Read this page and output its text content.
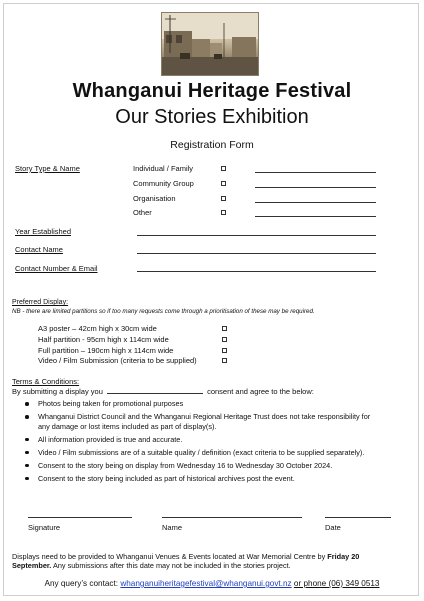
Whanganui Heritage Festival
Our Stories Exhibition
Registration Form
Story Type & Name	Individual / Family
Community Group
Organisation
Other
Year Established
Contact Name
Contact Number & Email
Preferred Display:
NB - there are limited partitions so if too many requests come through a prioritisation of these may be required.
A3 poster – 42cm high x 30cm wide
Half partition - 95cm high x 114cm wide
Full partition – 190cm high x 114cm wide
Video / Film Submission (criteria to be supplied)
Terms & Conditions:
By submitting a display you	consent and agree to the below:
Photos being taken for promotional purposes
Whanganui District Council and the Whanganui Regional Heritage Trust does not take responsibility for any damage or lost items included as part of display(s).
All information provided is true and accurate.
Video / Film submissions are of a suitable quality / definition (exact criteria to be supplied separately).
Consent to the story being on display from Wednesday 16 to Wednesday 30 October 2024.
Consent to the story being included as part of historical archives post the event.
Signature	Name	Date
Displays need to be provided to Whanganui Venues & Events located at War Memorial Centre by Friday 20 September. Any submissions after this date may not be included in the stories project.
Any query’s contact: whanganuiheritagefestival@whanganui.govt.nz or phone (06) 349 0513
